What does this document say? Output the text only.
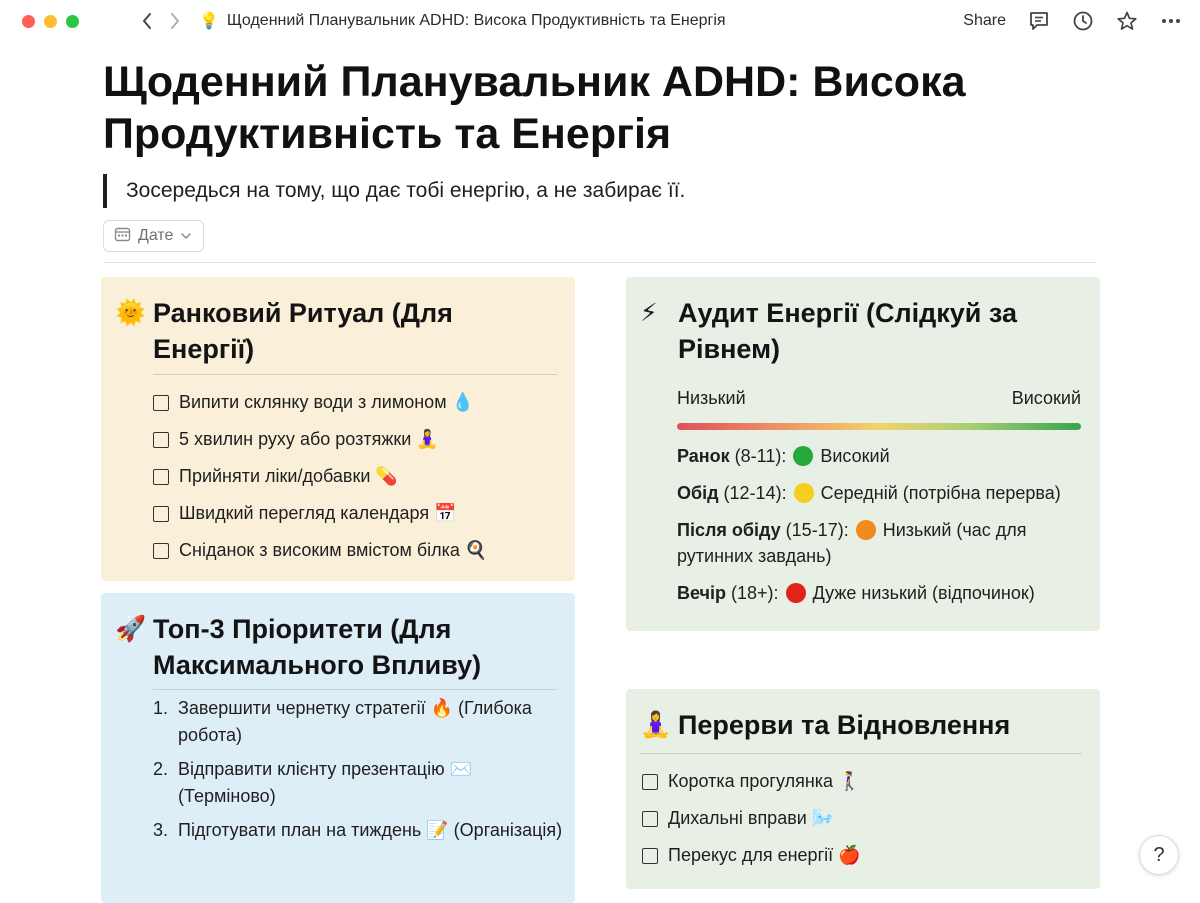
💡 Щоденний Планувальник ADHD: Висока Продуктивність та Енергія	Share
Щоденний Планувальник ADHD: Висока Продуктивність та Енергія
Зосередься на тому, що дає тобі енергію, а не забирає її.
Дате
🌞 Ранковий Ритуал (Для Енергії)
Випити склянку води з лимоном 💧
5 хвилин руху або розтяжки 🧘‍♀️
Прийняти ліки/добавки 💊
Швидкий перегляд календаря 📅
Сніданок з високим вмістом білка 🍳
🚀 Топ-3 Пріоритети (Для Максимального Впливу)
1. Завершити чернетку стратегії 🔥 (Глибока робота)
2. Відправити клієнту презентацію ✉️ (Терміново)
3. Підготувати план на тиждень 📝 (Організація)
⚡ Аудит Енергії (Слідкуй за Рівнем)
Низький	Високий
Ранок (8-11): Високий
Обід (12-14): Середній (потрібна перерва)
Після обіду (15-17): Низький (час для рутинних завдань)
Вечір (18+): Дуже низький (відпочинок)
🧘‍♀️ Перерви та Відновлення
Коротка прогулянка 🚶‍♀️
Дихальні вправи 🌬️
Перекус для енергії 🍎	?
